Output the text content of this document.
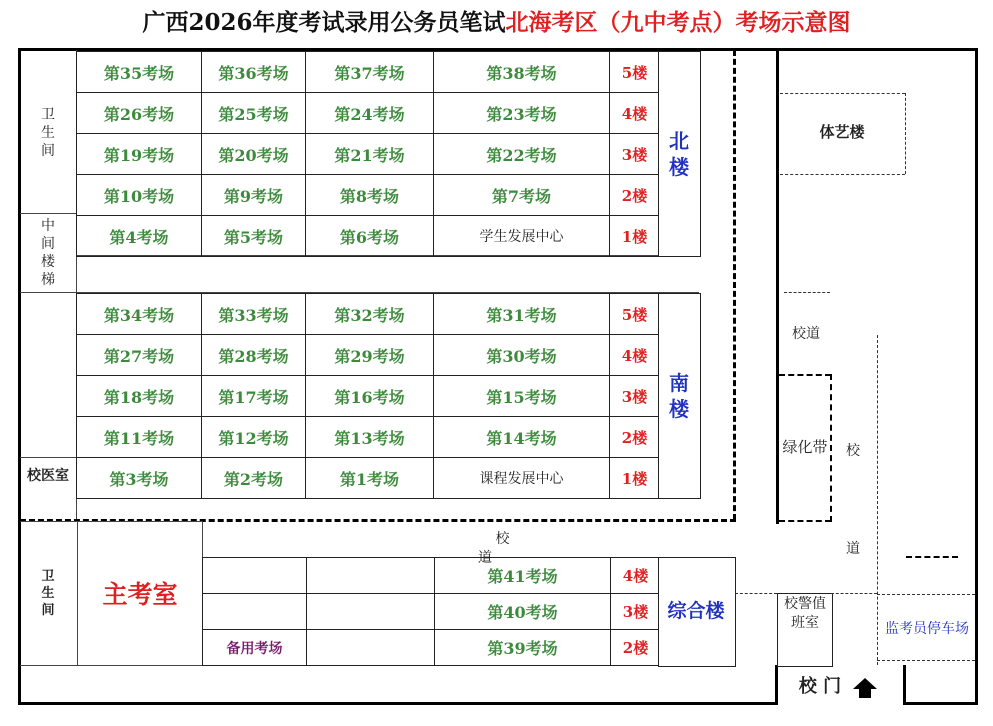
广西2026年度考试录用公务员笔试北海考区（九中考点）考场示意图
第35考场	第36考场	第37考场	第38考场	5楼
第26考场	第25考场	第24考场	第23考场	4楼
第19考场	第20考场	第21考场	第22考场	3楼
第10考场	第9考场	第8考场	第7考场	2楼
第4考场	第5考场	第6考场	学生发展中心	1楼
北楼
第34考场	第33考场	第32考场	第31考场	5楼
第27考场	第28考场	第29考场	第30考场	4楼
第18考场	第17考场	第16考场	第15考场	3楼
第11考场	第12考场	第13考场	第14考场	2楼
第3考场	第2考场	第1考场	课程发展中心	1楼
南楼
卫生间
中间楼梯
校医室
卫生间
主考室
校道
		第41考场	4楼
		第40考场	3楼
备用考场		第39考场	2楼
综合楼
体艺楼
校道
绿化带	校
道
监考员停车场
校警值班室
校 门
